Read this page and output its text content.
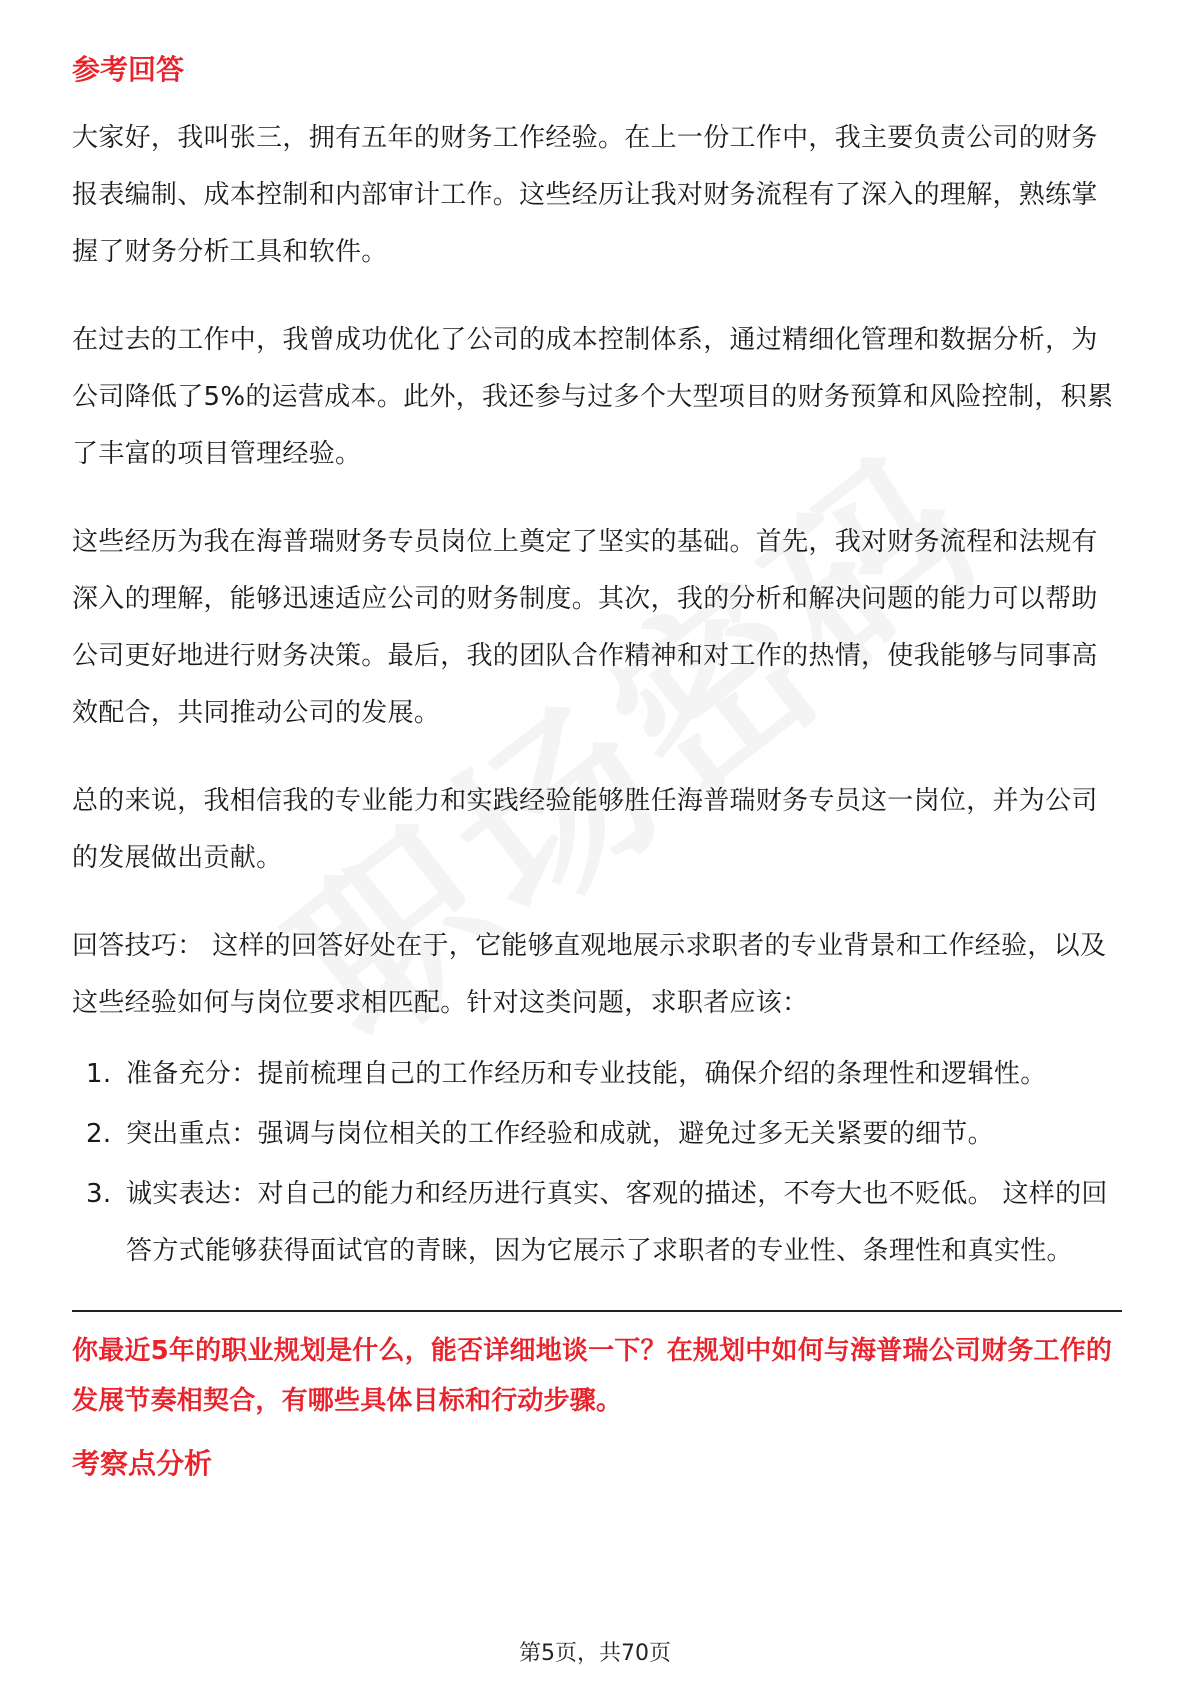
参考回答

大家好，我叫张三，拥有五年的财务工作经验。在上一份工作中，我主要负责公司的财务报表编制、成本控制和内部审计工作。这些经历让我对财务流程有了深入的理解，熟练掌握了财务分析工具和软件。

在过去的工作中，我曾成功优化了公司的成本控制体系，通过精细化管理和数据分析，为公司降低了5%的运营成本。此外，我还参与过多个大型项目的财务预算和风险控制，积累了丰富的项目管理经验。

这些经历为我在海普瑞财务专员岗位上奠定了坚实的基础。首先，我对财务流程和法规有深入的理解，能够迅速适应公司的财务制度。其次，我的分析和解决问题的能力可以帮助公司更好地进行财务决策。最后，我的团队合作精神和对工作的热情，使我能够与同事高效配合，共同推动公司的发展。

总的来说，我相信我的专业能力和实践经验能够胜任海普瑞财务专员这一岗位，并为公司的发展做出贡献。

回答技巧： 这样的回答好处在于，它能够直观地展示求职者的专业背景和工作经验，以及这些经验如何与岗位要求相匹配。针对这类问题，求职者应该：

1. 准备充分：提前梳理自己的工作经历和专业技能，确保介绍的条理性和逻辑性。
2. 突出重点：强调与岗位相关的工作经验和成就，避免过多无关紧要的细节。
3. 诚实表达：对自己的能力和经历进行真实、客观的描述，不夸大也不贬低。 这样的回答方式能够获得面试官的青睐，因为它展示了求职者的专业性、条理性和真实性。

你最近5年的职业规划是什么，能否详细地谈一下？在规划中如何与海普瑞公司财务工作的发展节奏相契合，有哪些具体目标和行动步骤。

考察点分析
第5页，共70页
